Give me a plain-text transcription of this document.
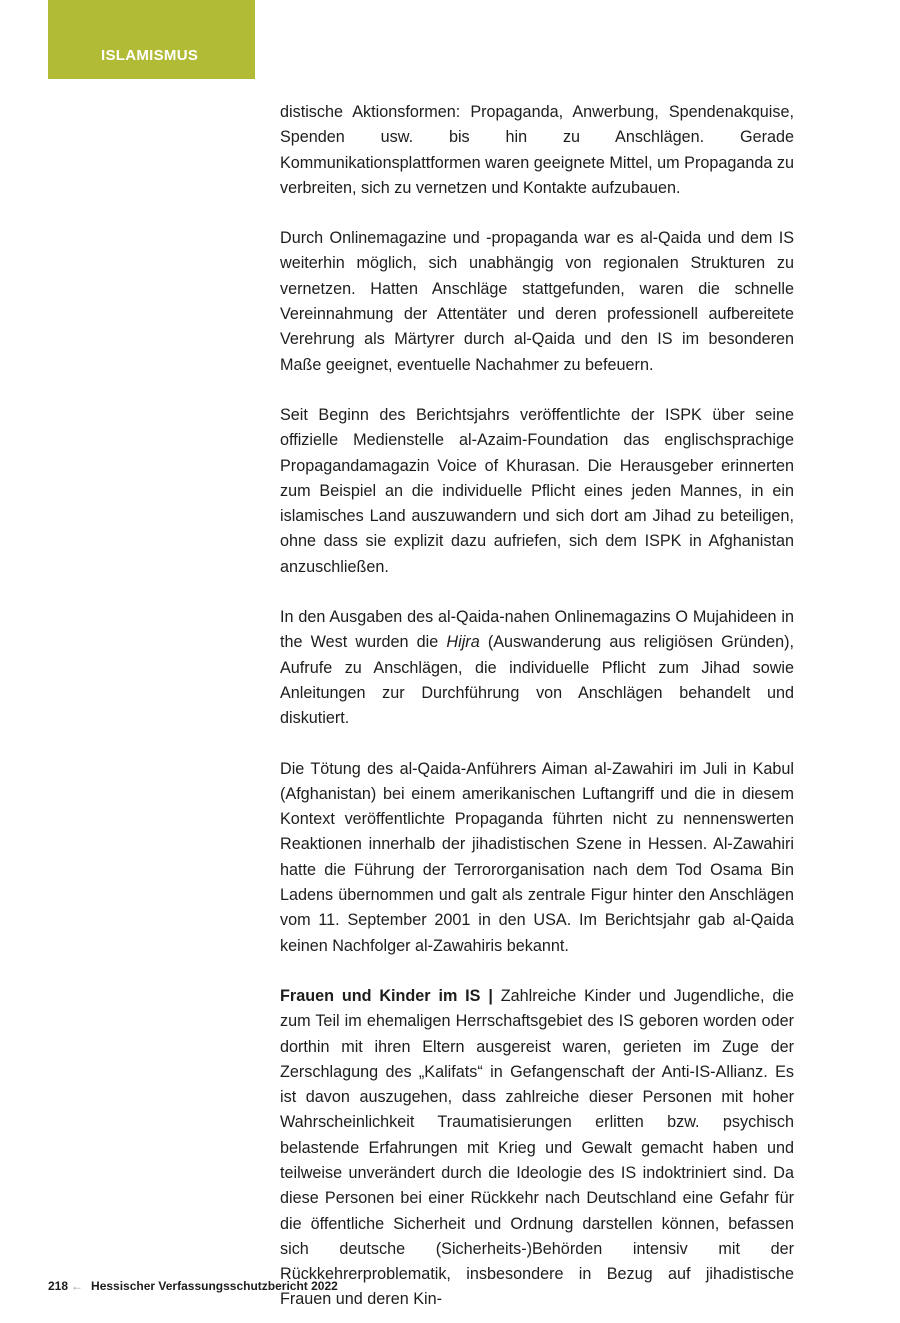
ISLAMISMUS

distische Aktionsformen: Propaganda, Anwerbung, Spendenakquise, Spenden usw. bis hin zu Anschlägen. Gerade Kommunikationsplattformen waren geeignete Mittel, um Propaganda zu verbreiten, sich zu vernetzen und Kontakte aufzubauen.

Durch Onlinemagazine und -propaganda war es al-Qaida und dem IS weiterhin möglich, sich unabhängig von regionalen Strukturen zu vernetzen. Hatten Anschläge stattgefunden, waren die schnelle Vereinnahmung der Attentäter und deren professionell aufbereitete Verehrung als Märtyrer durch al-Qaida und den IS im besonderen Maße geeignet, eventuelle Nachahmer zu befeuern.

Seit Beginn des Berichtsjahrs veröffentlichte der ISPK über seine offizielle Medienstelle al-Azaim-Foundation das englischsprachige Propagandamagazin Voice of Khurasan. Die Herausgeber erinnerten zum Beispiel an die individuelle Pflicht eines jeden Mannes, in ein islamisches Land auszuwandern und sich dort am Jihad zu beteiligen, ohne dass sie explizit dazu aufriefen, sich dem ISPK in Afghanistan anzuschließen.

In den Ausgaben des al-Qaida-nahen Onlinemagazins O Mujahideen in the West wurden die Hijra (Auswanderung aus religiösen Gründen), Aufrufe zu Anschlägen, die individuelle Pflicht zum Jihad sowie Anleitungen zur Durchführung von Anschlägen behandelt und diskutiert.

Die Tötung des al-Qaida-Anführers Aiman al-Zawahiri im Juli in Kabul (Afghanistan) bei einem amerikanischen Luftangriff und die in diesem Kontext veröffentlichte Propaganda führten nicht zu nennenswerten Reaktionen innerhalb der jihadistischen Szene in Hessen. Al-Zawahiri hatte die Führung der Terrororganisation nach dem Tod Osama Bin Ladens übernommen und galt als zentrale Figur hinter den Anschlägen vom 11. September 2001 in den USA. Im Berichtsjahr gab al-Qaida keinen Nachfolger al-Zawahiris bekannt.

Frauen und Kinder im IS | Zahlreiche Kinder und Jugendliche, die zum Teil im ehemaligen Herrschaftsgebiet des IS geboren worden oder dorthin mit ihren Eltern ausgereist waren, gerieten im Zuge der Zerschlagung des „Kalifats“ in Gefangenschaft der Anti-IS-Allianz. Es ist davon auszugehen, dass zahlreiche dieser Personen mit hoher Wahrscheinlichkeit Traumatisierungen erlitten bzw. psychisch belastende Erfahrungen mit Krieg und Gewalt gemacht haben und teilweise unverändert durch die Ideologie des IS indoktriniert sind. Da diese Personen bei einer Rückkehr nach Deutschland eine Gefahr für die öffentliche Sicherheit und Ordnung darstellen können, befassen sich deutsche (Sicherheits-)Behörden intensiv mit der Rückkehrerproblematik, insbesondere in Bezug auf jihadistische Frauen und deren Kin-

218 ← Hessischer Verfassungsschutzbericht 2022
